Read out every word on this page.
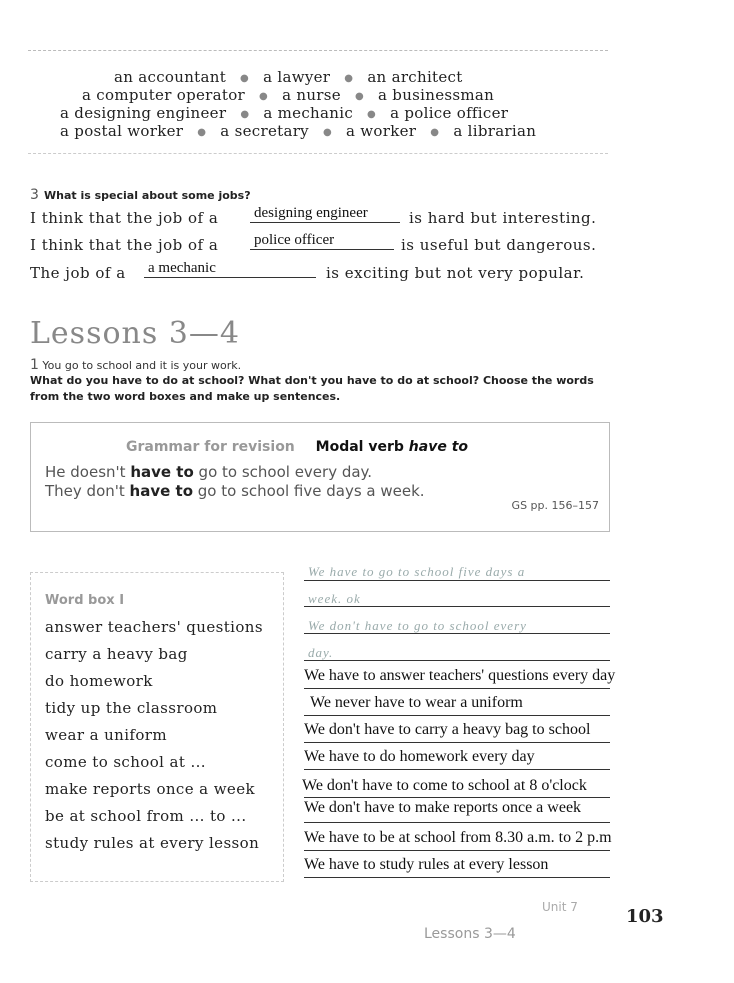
an accountant ● a lawyer ● an architect
a computer operator ● a nurse ● a businessman
a designing engineer ● a mechanic ● a police officer
a postal worker ● a secretary ● a worker ● a librarian
3 What is special about some jobs?
I think that the job of a designing engineer	is hard but interesting.
I think that the job of a police officer	is useful but dangerous.
The job of a a mechanic	is exciting but not very popular.
Lessons 3—4
1 You go to school and it is your work.
What do you have to do at school? What don't you have to do at school? Choose the words from the two word boxes and make up sentences.
Grammar for revision Modal verb have to
He doesn't have to go to school every day.
They don't have to go to school five days a week.
GS pp. 156–157
Word box I
answer teachers' questions
carry a heavy bag
do homework
tidy up the classroom
wear a uniform
come to school at ...
make reports once a week
be at school from ... to ...
study rules at every lesson
We have to go to school five days a
week. ok
We don't have to go to school every
day.
We have to answer teachers' questions every day
We never have to wear a uniform
We don't have to carry a heavy bag to school
We have to do homework every day
We don't have to come to school at 8 o'clock
We don't have to make reports once a week
We have to be at school from 8.30 a.m. to 2 p.m
We have to study rules at every lesson
Unit 7	103
Lessons 3—4
